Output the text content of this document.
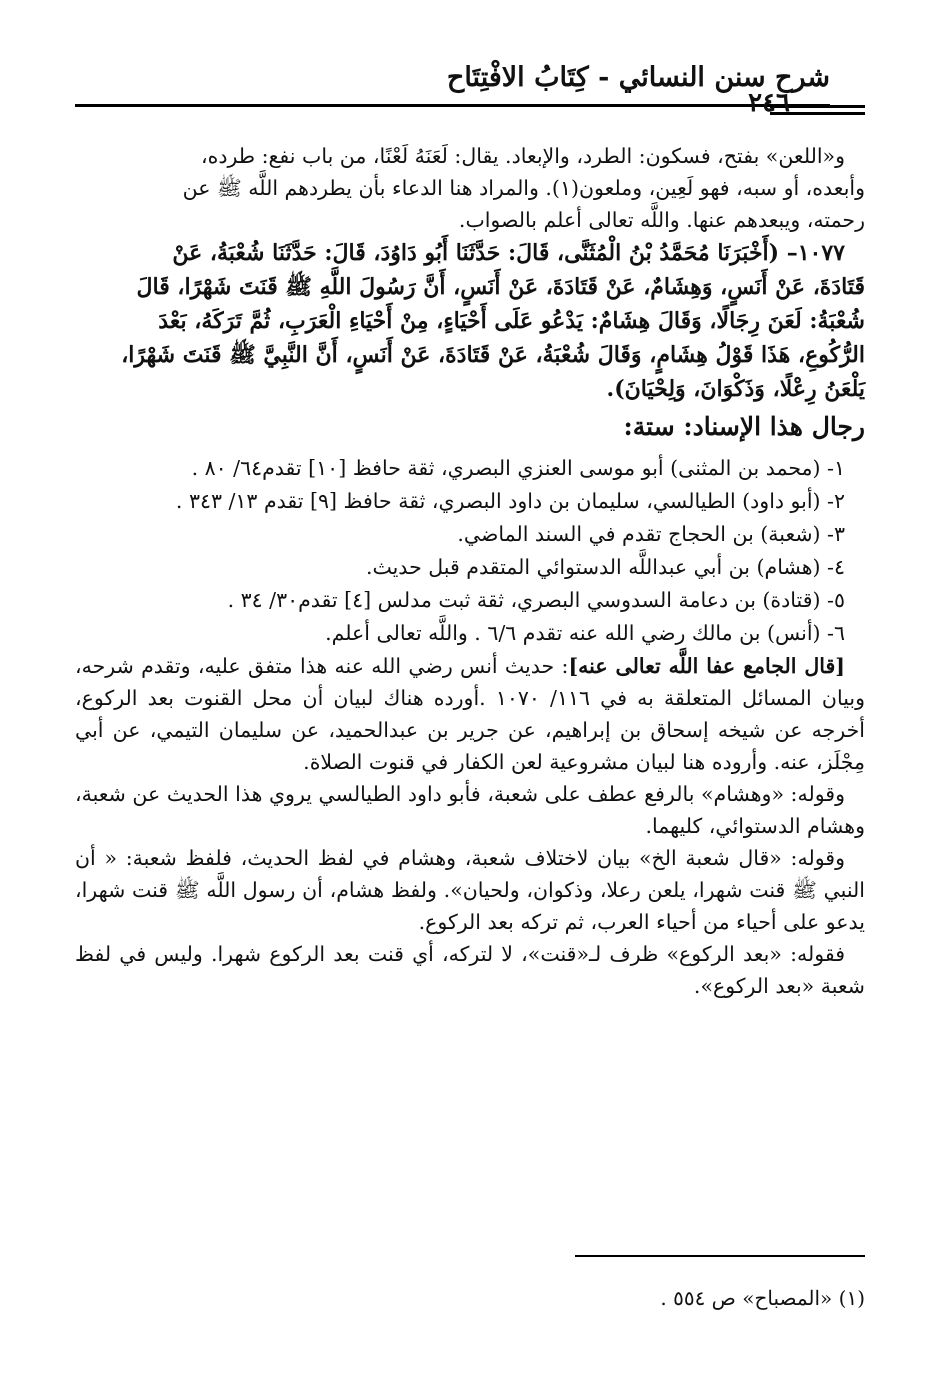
شرح سنن النسائي - كِتَابُ الافْتِتَاح
٢٤٦

و«اللعن» بفتح، فسكون: الطرد، والإبعاد. يقال: لَعَنَهُ لَعْنًا، من باب نفع: طرده،

وأبعده، أو سبه، فهو لَعِين، وملعون(١). والمراد هنا الدعاء بأن يطردهم اللَّه ﷺ عن

رحمته، ويبعدهم عنها. واللَّه تعالى أعلم بالصواب.

١٠٧٧– (أَخْبَرَنَا مُحَمَّدُ بْنُ الْمُثَنَّى، قَالَ: حَدَّثَنَا أَبُو دَاوُدَ، قَالَ: حَدَّثَنَا شُعْبَةُ، عَنْ

قَتَادَةَ، عَنْ أَنَسٍ، وَهِشَامٌ، عَنْ قَتَادَةَ، عَنْ أَنَسٍ، أَنَّ رَسُولَ اللَّهِ ﷺ قَنَتَ شَهْرًا، قَالَ

شُعْبَةُ: لَعَنَ رِجَالًا، وَقَالَ هِشَامٌ: يَدْعُو عَلَى أَحْيَاءٍ، مِنْ أَحْيَاءِ الْعَرَبِ، ثُمَّ تَرَكَهُ، بَعْدَ

الرُّكُوعِ، هَذَا قَوْلُ هِشَامٍ، وَقَالَ شُعْبَةُ، عَنْ قَتَادَةَ، عَنْ أَنَسٍ، أَنَّ النَّبِيَّ ﷺ قَنَتَ شَهْرًا،

يَلْعَنُ رِعْلًا، وَذَكْوَانَ، وَلِحْيَانَ).

رجال هذا الإسناد: ستة:

١- (محمد بن المثنى) أبو موسى العنزي البصري، ثقة حافظ [١٠] تقدم٦٤/ ٨٠ .
٢- (أبو داود) الطيالسي، سليمان بن داود البصري، ثقة حافظ [٩] تقدم ١٣/ ٣٤٣ .
٣- (شعبة) بن الحجاج تقدم في السند الماضي.
٤- (هشام) بن أبي عبداللَّه الدستوائي المتقدم قبل حديث.
٥- (قتادة) بن دعامة السدوسي البصري، ثقة ثبت مدلس [٤] تقدم٣٠/ ٣٤ .
٦- (أنس) بن مالك رضي الله عنه تقدم ٦/٦ . واللَّه تعالى أعلم.

[قال الجامع عفا اللَّه تعالى عنه]: حديث أنس رضي الله عنه هذا متفق عليه، وتقدم شرحه، وبيان المسائل المتعلقة به في ١١٦/ ١٠٧٠ .أورده هناك لبيان أن محل القنوت بعد الركوع، أخرجه عن شيخه إسحاق بن إبراهيم، عن جرير بن عبدالحميد، عن سليمان التيمي، عن أبي مِجْلَز، عنه. وأروده هنا لبيان مشروعية لعن الكفار في قنوت الصلاة.

وقوله: «وهشام» بالرفع عطف على شعبة، فأبو داود الطيالسي يروي هذا الحديث عن شعبة، وهشام الدستوائي، كليهما.

وقوله: «قال شعبة الخ» بيان لاختلاف شعبة، وهشام في لفظ الحديث، فلفظ شعبة: « أن النبي ﷺ قنت شهرا، يلعن رعلا، وذكوان، ولحيان». ولفظ هشام، أن رسول اللَّه ﷺ قنت شهرا، يدعو على أحياء من أحياء العرب، ثم تركه بعد الركوع.

فقوله: «بعد الركوع» ظرف لـ«قنت»، لا لتركه، أي قنت بعد الركوع شهرا. وليس في لفظ شعبة «بعد الركوع».

(١) «المصباح» ص ٥٥٤ .
